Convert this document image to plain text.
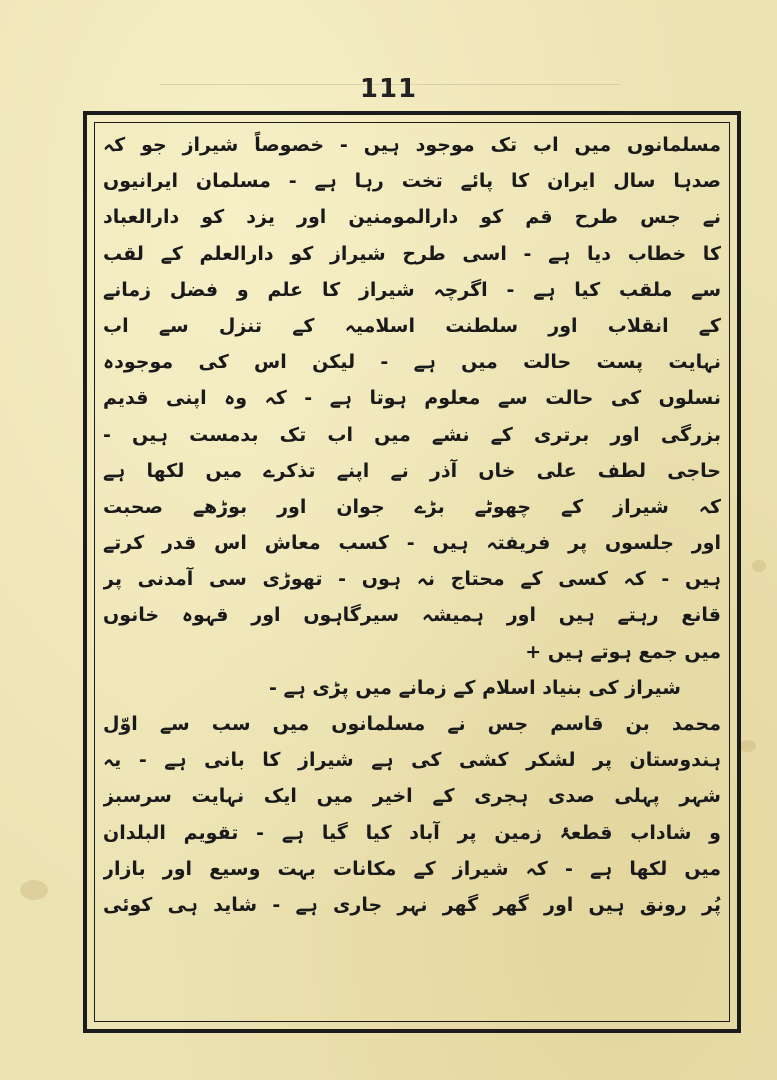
111
مسلمانوں میں اب تک موجود ہیں - خصوصاً شیراز جو کہ
صدہا سال ایران کا پائے تخت رہا ہے - مسلمان ایرانیوں
نے جس طرح قم کو دارالمومنین اور یزد کو دارالعباد
کا خطاب دیا ہے - اسی طرح شیراز کو دارالعلم کے لقب
سے ملقب کیا ہے - اگرچہ شیراز کا علم و فضل زمانے
کے انقلاب اور سلطنت اسلامیہ کے تنزل سے اب
نہایت پست حالت میں ہے - لیکن اس کی موجودہ
نسلوں کی حالت سے معلوم ہوتا ہے - کہ وہ اپنی قدیم
بزرگی اور برتری کے نشے میں اب تک بدمست ہیں -
حاجی لطف علی خاں آذر نے اپنے تذکرے میں لکھا ہے
کہ شیراز کے چھوٹے بڑے جوان اور بوڑھے صحبت
اور جلسوں پر فریفتہ ہیں - کسب معاش اس قدر کرتے
ہیں - کہ کسی کے محتاج نہ ہوں - تھوڑی سی آمدنی پر
قانع رہتے ہیں اور ہمیشہ سیرگاہوں اور قہوہ خانوں
میں جمع ہوتے ہیں +
شیراز کی بنیاد اسلام کے زمانے میں پڑی ہے -
محمد بن قاسم جس نے مسلمانوں میں سب سے اوّل
ہندوستان پر لشکر کشی کی ہے شیراز کا بانی ہے - یہ
شہر پہلی صدی ہجری کے اخیر میں ایک نہایت سرسبز
و شاداب قطعۂ زمین پر آباد کیا گیا ہے - تقویم البلدان
میں لکھا ہے - کہ شیراز کے مکانات بہت وسیع اور بازار
پُر رونق ہیں اور گھر گھر نہر جاری ہے - شاید ہی کوئی
